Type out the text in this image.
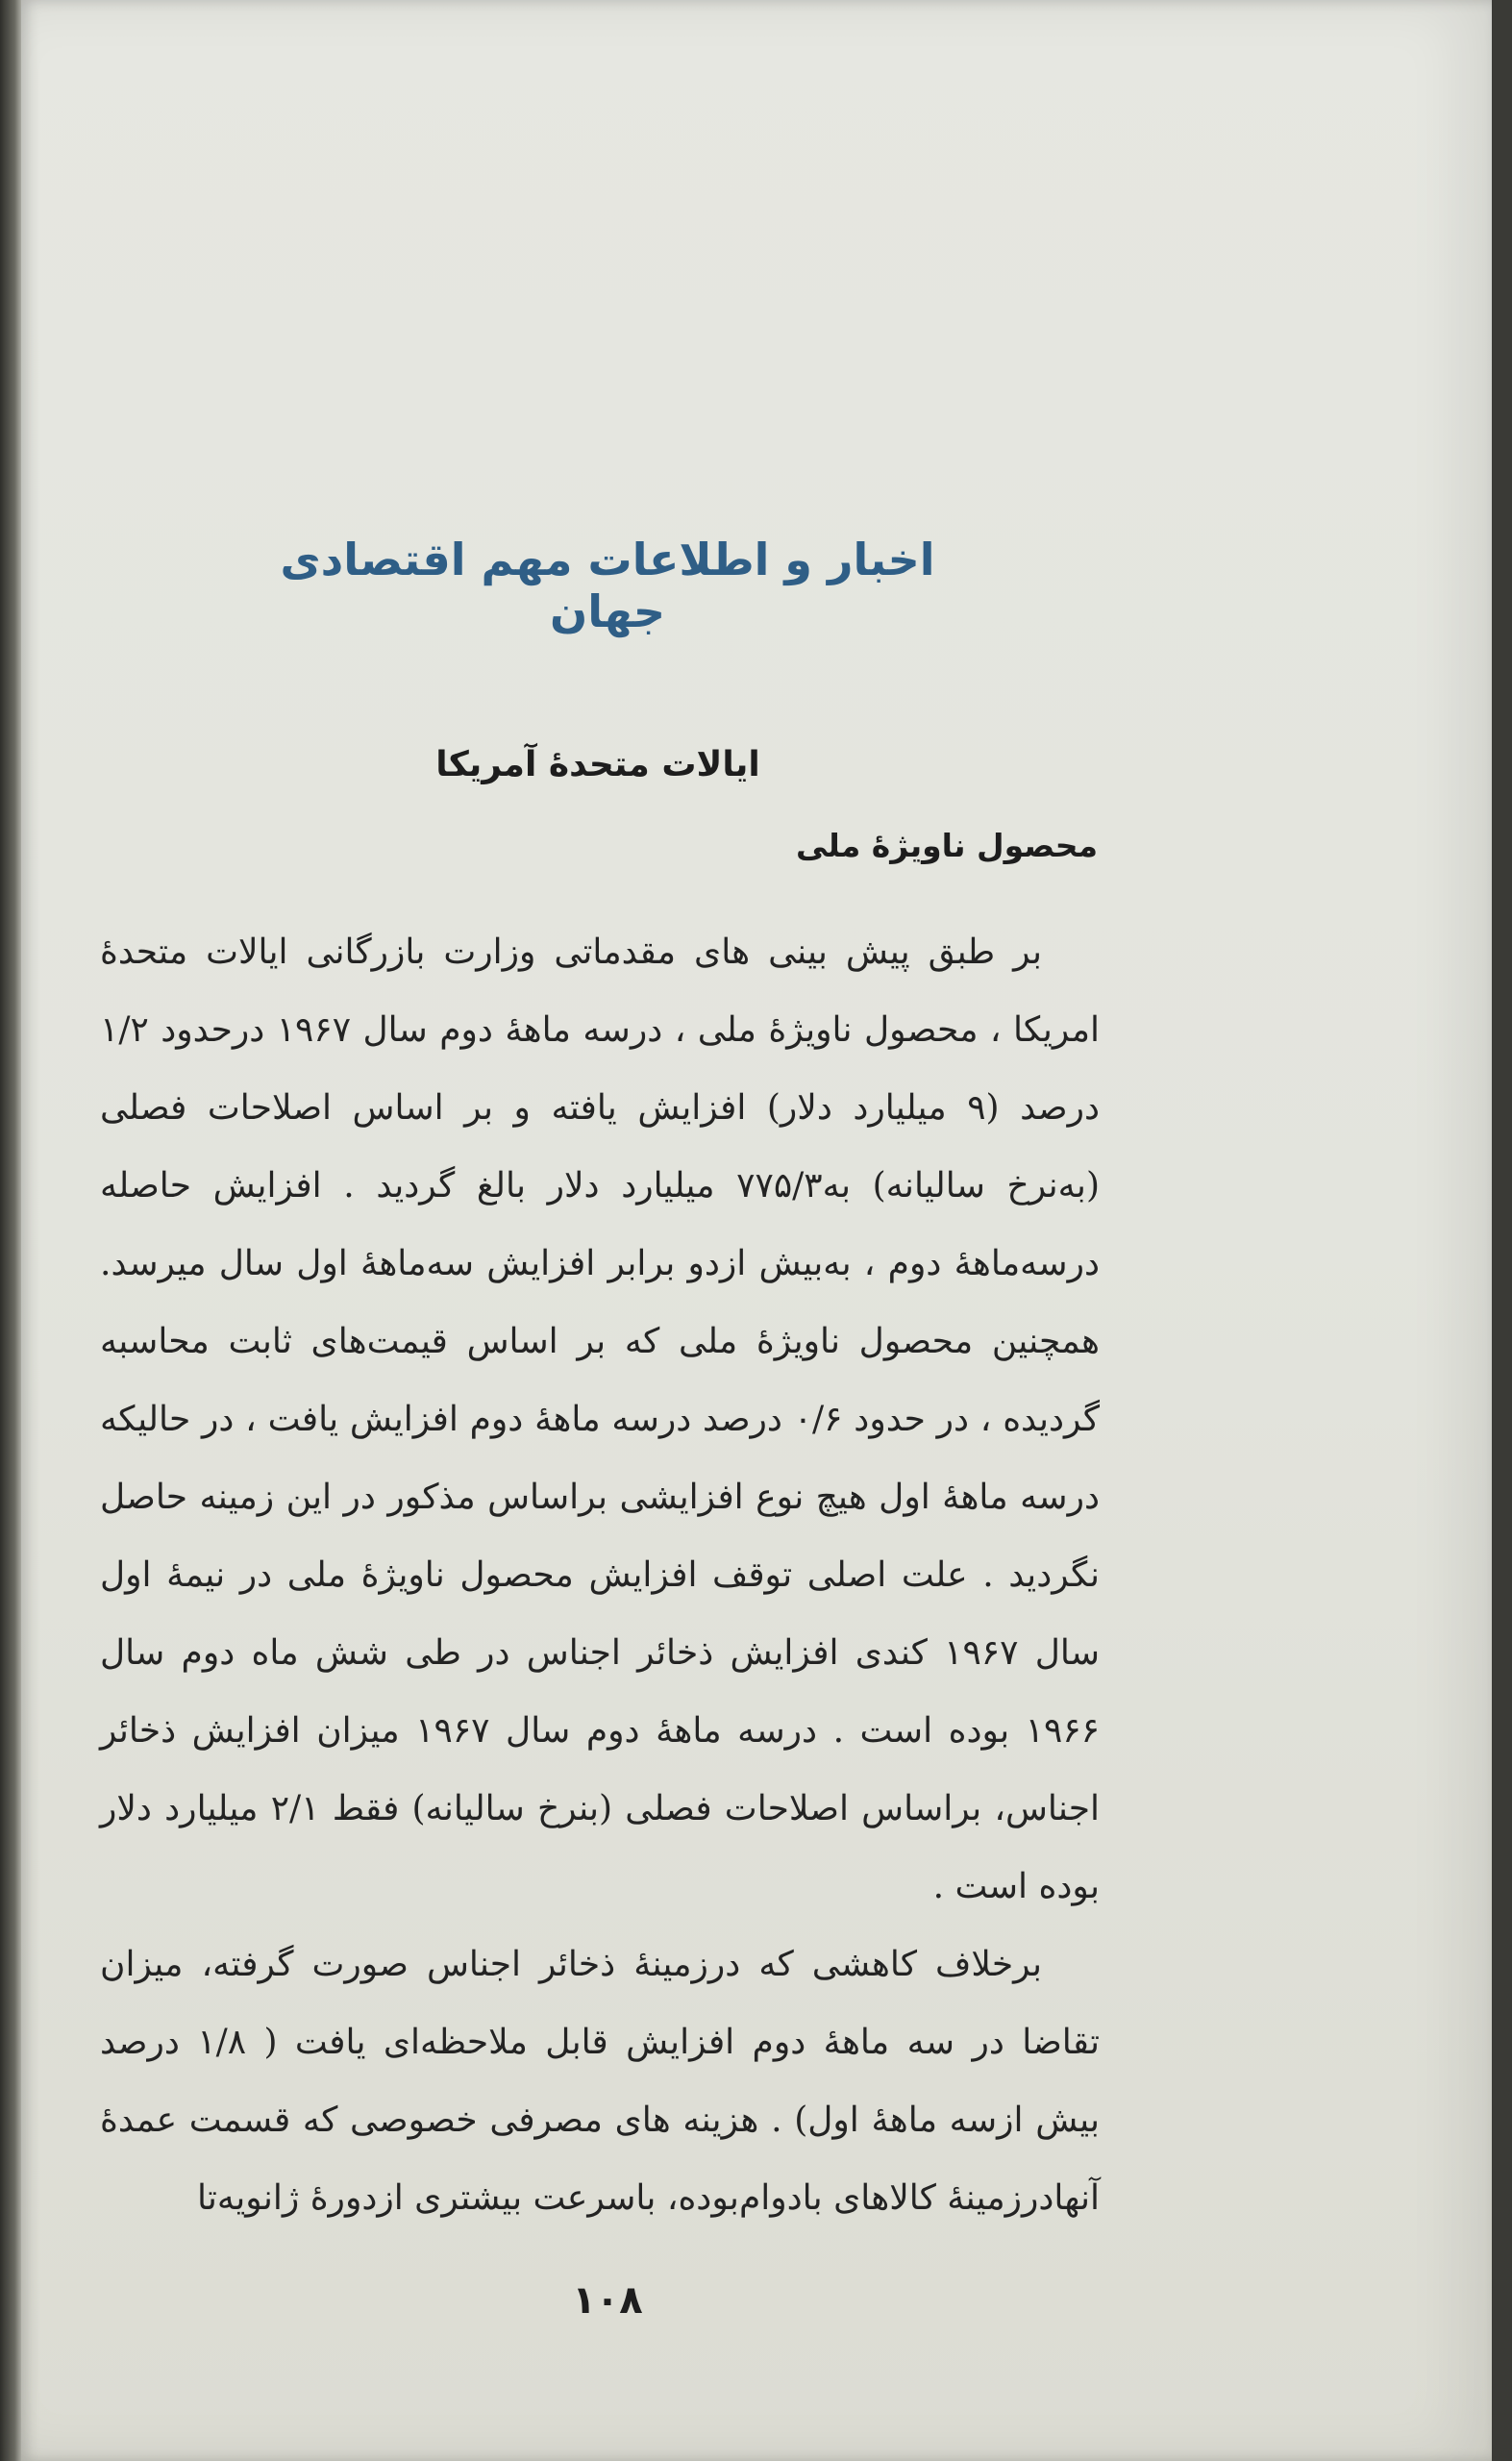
اخبار و اطلاعات مهم اقتصادی جهان
ایالات متحدهٔ آمریکا
محصول ناویژهٔ ملی

بر طبق پیش بینی های مقدماتی وزارت بازرگانی ایالات متحدهٔ امریکا ، محصول ناویژهٔ ملی ، درسه ماههٔ دوم سال ۱۹۶۷ درحدود ۱/۲ درصد (۹ میلیارد دلار) افزایش یافته و بر اساس اصلاحات فصلی (به‌نرخ سالیانه) به‌۷۷۵/۳ میلیارد دلار بالغ گردید . افزایش حاصله درسه‌ماههٔ دوم ، به‌بیش ازدو برابر افزایش سه‌ماههٔ اول سال میرسد. همچنین محصول ناویژهٔ ملی که بر اساس قیمت‌های ثابت محاسبه گردیده ، در حدود ۰/۶ درصد درسه ماههٔ دوم افزایش یافت ، در حالیکه درسه ماههٔ اول هیچ نوع افزایشی براساس مذکور در این زمینه حاصل نگردید . علت اصلی توقف افزایش محصول ناویژهٔ ملی در نیمهٔ اول سال ۱۹۶۷ کندی افزایش ذخائر اجناس در طی شش ماه دوم سال ۱۹۶۶ بوده است . درسه ماههٔ دوم سال ۱۹۶۷ میزان افزایش ذخائر اجناس، براساس اصلاحات فصلی (بنرخ سالیانه) فقط ۲/۱ میلیارد دلار بوده است .

برخلاف کاهشی که درزمینهٔ ذخائر اجناس صورت گرفته، میزان تقاضا در سه ماههٔ دوم افزایش قابل ملاحظه‌ای یافت ( ۱/۸ درصد بیش ازسه ماههٔ اول) . هزینه های مصرفی خصوصی که قسمت عمدهٔ آنهادرزمینهٔ کالاهای بادوام‌بوده، باسرعت بیشتری ازدورهٔ ژانویه‌تا

۱۰۸
